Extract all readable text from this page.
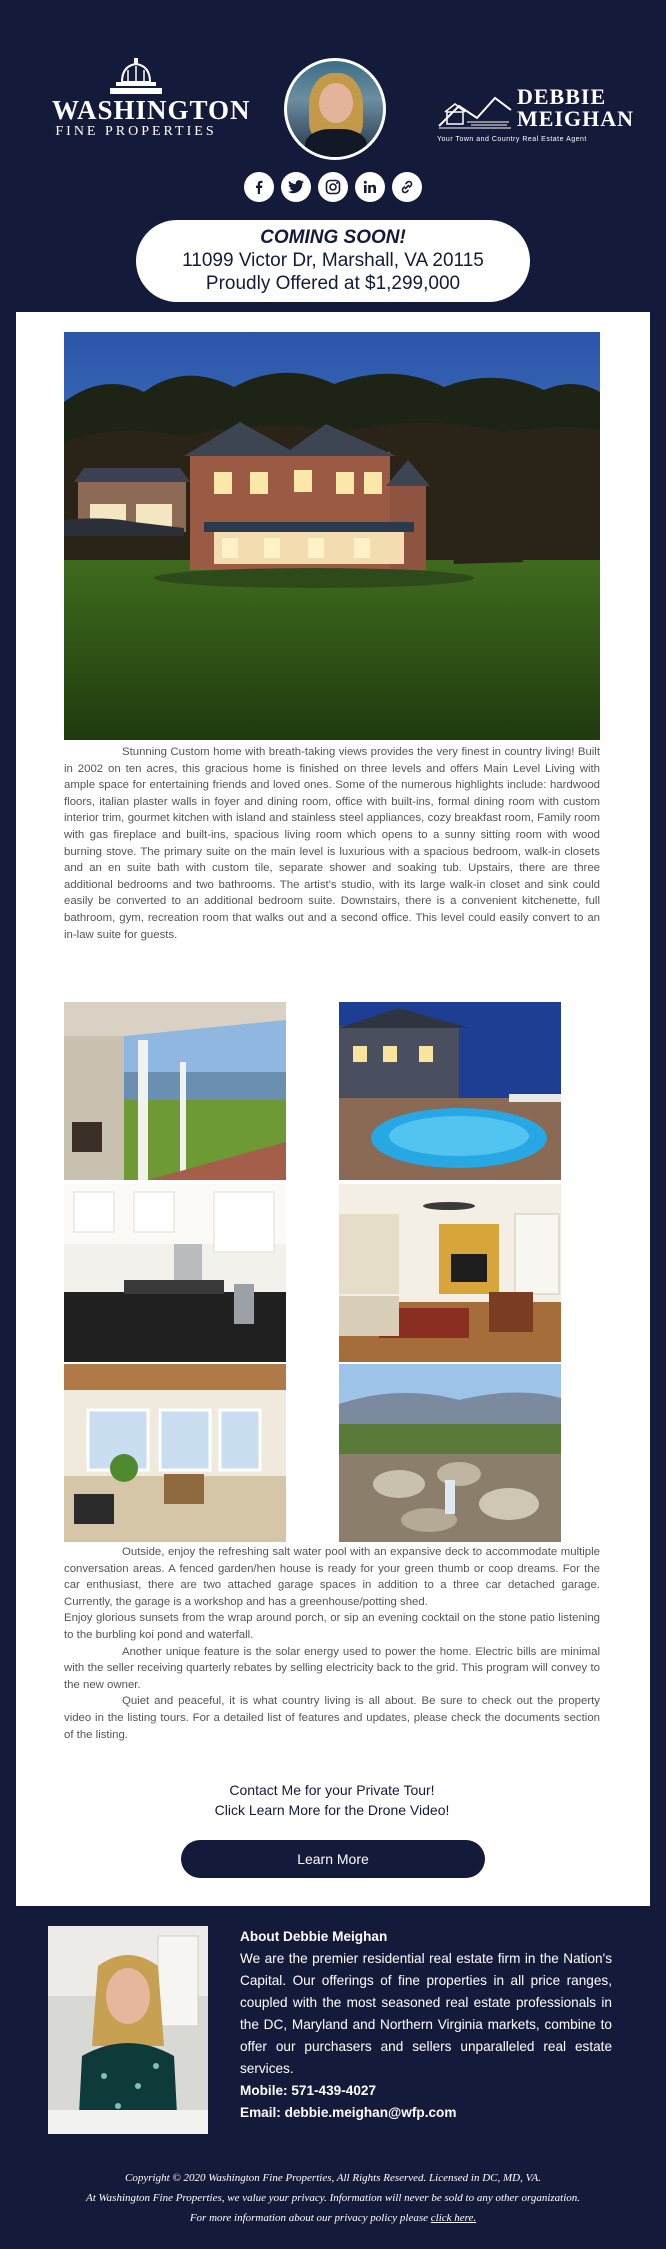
WASHINGTON
FINE PROPERTIES
DEBBIE
MEIGHAN
Your Town and Country Real Estate Agent
COMING SOON!
11099 Victor Dr, Marshall, VA 20115
Proudly Offered at $1,299,000
Stunning Custom home with breath-taking views provides the very finest in country living! Built in 2002 on ten acres, this gracious home is finished on three levels and offers Main Level Living with ample space for entertaining friends and loved ones. Some of the numerous highlights include: hardwood floors, italian plaster walls in foyer and dining room, office with built-ins, formal dining room with custom interior trim, gourmet kitchen with island and stainless steel appliances, cozy breakfast room, Family room with gas fireplace and built-ins, spacious living room which opens to a sunny sitting room with wood burning stove. The primary suite on the main level is luxurious with a spacious bedroom, walk-in closets and an en suite bath with custom tile, separate shower and soaking tub. Upstairs, there are three additional bedrooms and two bathrooms. The artist's studio, with its large walk-in closet and sink could easily be converted to an additional bedroom suite. Downstairs, there is a convenient kitchenette, full bathroom, gym, recreation room that walks out and a second office. This level could easily convert to an in-law suite for guests.
Outside, enjoy the refreshing salt water pool with an expansive deck to accommodate multiple conversation areas. A fenced garden/hen house is ready for your green thumb or coop dreams. For the car enthusiast, there are two attached garage spaces in addition to a three car detached garage. Currently, the garage is a workshop and has a greenhouse/potting shed.
Enjoy glorious sunsets from the wrap around porch, or sip an evening cocktail on the stone patio listening to the burbling koi pond and waterfall.
Another unique feature is the solar energy used to power the home. Electric bills are minimal with the seller receiving quarterly rebates by selling electricity back to the grid. This program will convey to the new owner.
Quiet and peaceful, it is what country living is all about. Be sure to check out the property video in the listing tours. For a detailed list of features and updates, please check the documents section of the listing.
Contact Me for your Private Tour!
Click Learn More for the Drone Video!
Learn More
About Debbie Meighan
We are the premier residential real estate firm in the Nation's Capital. Our offerings of fine properties in all price ranges, coupled with the most seasoned real estate professionals in the DC, Maryland and Northern Virginia markets, combine to offer our purchasers and sellers unparalleled real estate services.
Mobile: 571-439-4027
Email: debbie.meighan@wfp.com
Copyright © 2020 Washington Fine Properties, All Rights Reserved. Licensed in DC, MD, VA.
At Washington Fine Properties, we value your privacy. Information will never be sold to any other organization.
For more information about our privacy policy please click here.
